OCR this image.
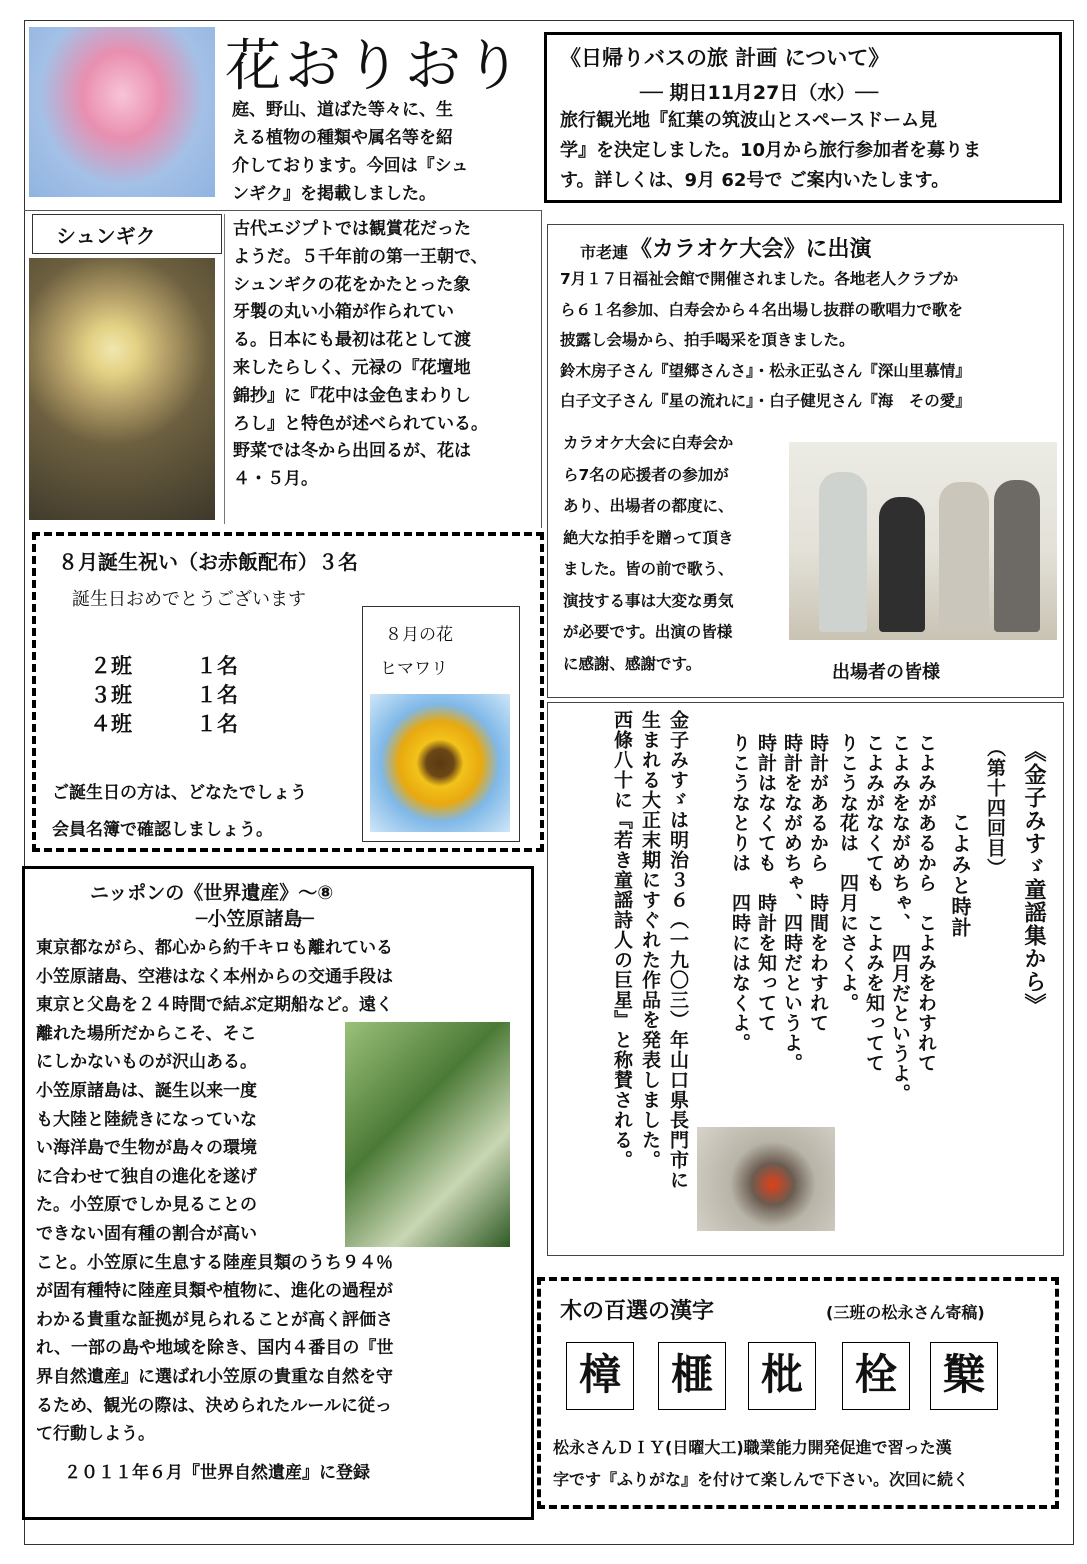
花おりおり
庭、野山、道ばた等々に、生
える植物の種類や属名等を紹
介しております。今回は『シュ
ンギク』を掲載しました。
《日帰りバスの旅 計画 について》
── 期日11月27日（水）──
旅行観光地『紅葉の筑波山とスペースドーム見
学』を決定しました。10月から旅行参加者を募りま
す。詳しくは、9月 62号で ご案内いたします。
シュンギク	古代エジプトでは観賞花だった
ようだ。５千年前の第一王朝で、
シュンギクの花をかたとった象
牙製の丸い小箱が作られてい
る。日本にも最初は花として渡
来したらしく、元禄の『花壇地
錦抄』に『花中は金色まわりし
ろし』と特色が述べられている。
野菜では冬から出回るが、花は
４・５月。
市老連 《カラオケ大会》に出演
7月１７日福祉会館で開催されました。各地老人クラブか
ら６１名参加、白寿会から４名出場し抜群の歌唱力で歌を
披露し会場から、拍手喝采を頂きました。
鈴木房子さん『望郷さんさ』・松永正弘さん『深山里慕情』
白子文子さん『星の流れに』・白子健児さん『海　その愛』
カラオケ大会に白寿会か
ら7名の応援者の参加が
あり、出場者の都度に、
絶大な拍手を贈って頂き
ました。皆の前で歌う、
演技する事は大変な勇気
が必要です。出演の皆様
に感謝、感謝です。	出場者の皆様
８月誕生祝い（お赤飯配布）３名
誕生日おめでとうございます
２班	１名
３班	１名
４班	１名
８月の花
ヒマワリ
ご誕生日の方は、どなたでしょう
会員名簿で確認しましょう。	《金子みすゞ童謡集から》
（第十四回目）
こよみと時計
こよみがあるから　こよみをわすれて
こよみをながめちゃ、　四月だというよ。
こよみがなくても　こよみを知ってて
りこうな花は　四月にさくよ。
時計があるから　時間をわすれて
時計をながめちゃ、四時だというよ。
時計はなくても　時計を知ってて
りこうなとりは　四時にはなくよ。
金子みすゞは明治３６（一九〇三）年山口県長門市に
生まれる大正末期にすぐれた作品を発表しました。
西條八十に『若き童謡詩人の巨星』と称賛される。
ニッポンの《世界遺産》～⑧
─小笠原諸島─
東京都ながら、都心から約千キロも離れている
小笠原諸島、空港はなく本州からの交通手段は
東京と父島を２４時間で結ぶ定期船など。遠く
離れた場所だからこそ、そこ
にしかないものが沢山ある。
小笠原諸島は、誕生以来一度
も大陸と陸続きになっていな
い海洋島で生物が島々の環境
に合わせて独自の進化を遂げ
た。小笠原でしか見ることの
できない固有種の割合が高い
こと。小笠原に生息する陸産貝類のうち９４％
が固有種特に陸産貝類や植物に、進化の過程が
わかる貴重な証拠が見られることが高く評価さ
れ、一部の島や地域を除き、国内４番目の『世
界自然遺産』に選ばれ小笠原の貴重な自然を守
るため、観光の際は、決められたルールに従っ
て行動しよう。
２０１１年６月『世界自然遺産』に登録
木の百選の漢字	(三班の松永さん寄稿)
樟	榧	枇	栓	櫱
松永さんＤＩＹ(日曜大工)職業能力開発促進で習った漢
字です『ふりがな』を付けて楽しんで下さい。次回に続く
